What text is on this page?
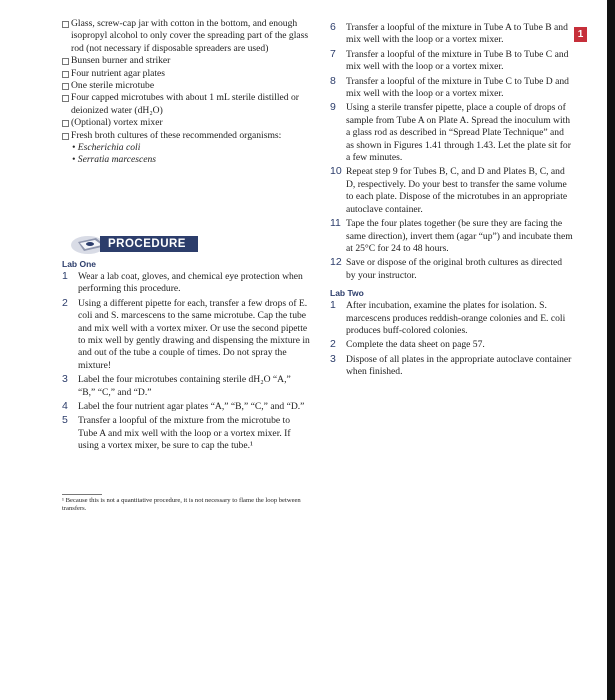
Glass, screw-cap jar with cotton in the bottom, and enough isopropyl alcohol to only cover the spreading part of the glass rod (not necessary if disposable spreaders are used)
Bunsen burner and striker
Four nutrient agar plates
One sterile microtube
Four capped microtubes with about 1 mL sterile distilled or deionized water (dH₂O)
(Optional) vortex mixer
Fresh broth cultures of these recommended organisms:
• Escherichia coli
• Serratia marcescens
PROCEDURE
Lab One
1 Wear a lab coat, gloves, and chemical eye protection when performing this procedure.
2 Using a different pipette for each, transfer a few drops of E. coli and S. marcescens to the same microtube. Cap the tube and mix well with a vortex mixer. Or use the second pipette to mix well by gently drawing and dispensing the mixture in and out of the tube a couple of times. Do not spray the mixture!
3 Label the four microtubes containing sterile dH₂O “A,” “B,” “C,” and “D.”
4 Label the four nutrient agar plates “A,” “B,” “C,” and “D.”
5 Transfer a loopful of the mixture from the microtube to Tube A and mix well with the loop or a vortex mixer. If using a vortex mixer, be sure to cap the tube.¹
¹ Because this is not a quantitative procedure, it is not necessary to flame the loop between transfers.
6 Transfer a loopful of the mixture in Tube A to Tube B and mix well with the loop or a vortex mixer.
7 Transfer a loopful of the mixture in Tube B to Tube C and mix well with the loop or a vortex mixer.
8 Transfer a loopful of the mixture in Tube C to Tube D and mix well with the loop or a vortex mixer.
9 Using a sterile transfer pipette, place a couple of drops of sample from Tube A on Plate A. Spread the inoculum with a glass rod as described in “Spread Plate Technique” and as shown in Figures 1.41 through 1.43. Let the plate sit for a few minutes.
10 Repeat step 9 for Tubes B, C, and D and Plates B, C, and D, respectively. Do your best to transfer the same volume to each plate. Dispose of the microtubes in an appropriate autoclave container.
11 Tape the four plates together (be sure they are facing the same direction), invert them (agar “up”) and incubate them at 25°C for 24 to 48 hours.
12 Save or dispose of the original broth cultures as directed by your instructor.
Lab Two
1 After incubation, examine the plates for isolation. S. marcescens produces reddish-orange colonies and E. coli produces buff-colored colonies.
2 Complete the data sheet on page 57.
3 Dispose of all plates in the appropriate autoclave container when finished.
1
